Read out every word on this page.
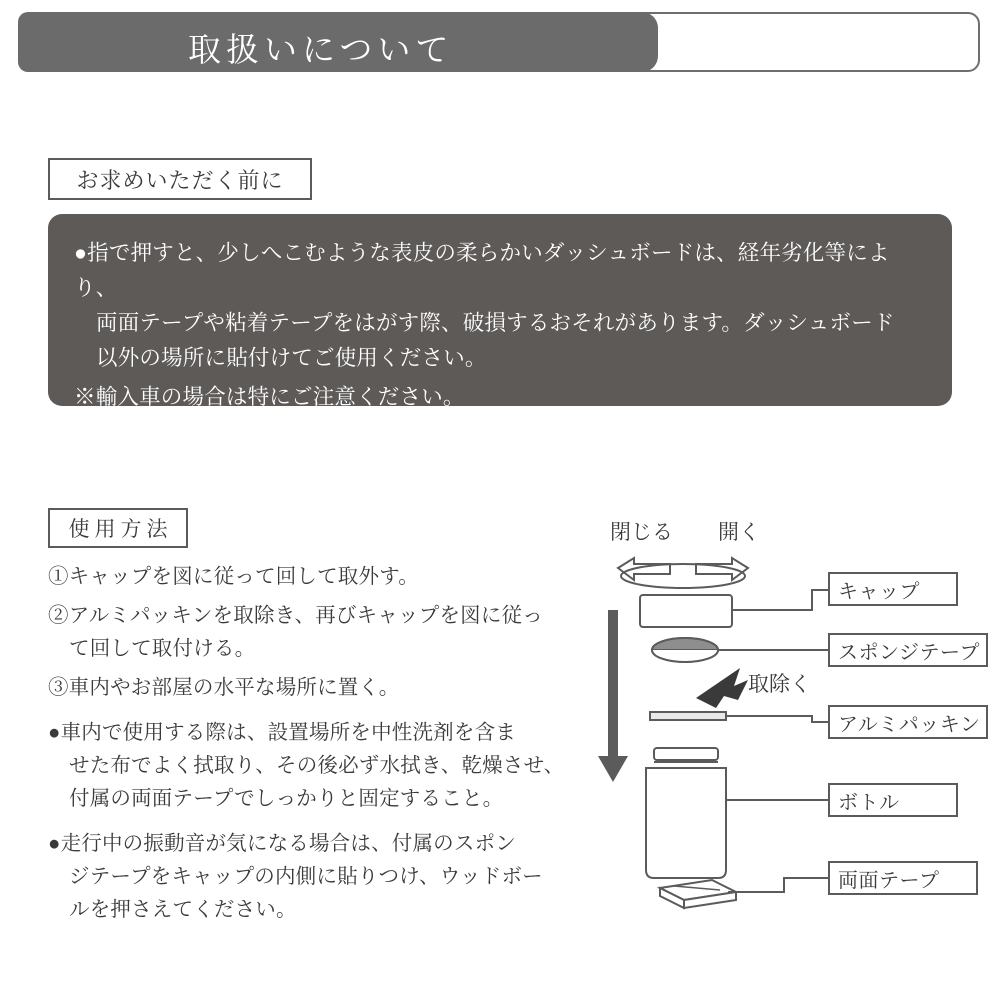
取扱いについて
お求めいただく前に
●指で押すと、少しへこむような表皮の柔らかいダッシュボードは、経年劣化等により、
両面テープや粘着テープをはがす際、破損するおそれがあります。ダッシュボード
以外の場所に貼付けてご使用ください。
※輸入車の場合は特にご注意ください。
使用方法
①キャップを図に従って回して取外す。
②アルミパッキンを取除き、再びキャップを図に従っ
て回して取付ける。
③車内やお部屋の水平な場所に置く。
●車内で使用する際は、設置場所を中性洗剤を含ま
せた布でよく拭取り、その後必ず水拭き、乾燥させ、
付属の両面テープでしっかりと固定すること。
●走行中の振動音が気になる場合は、付属のスポン
ジテープをキャップの内側に貼りつけ、ウッドボー
ルを押さえてください。
閉じる 開く
取除く
キャップ
スポンジテープ
アルミパッキン
ボトル
両面テープ
